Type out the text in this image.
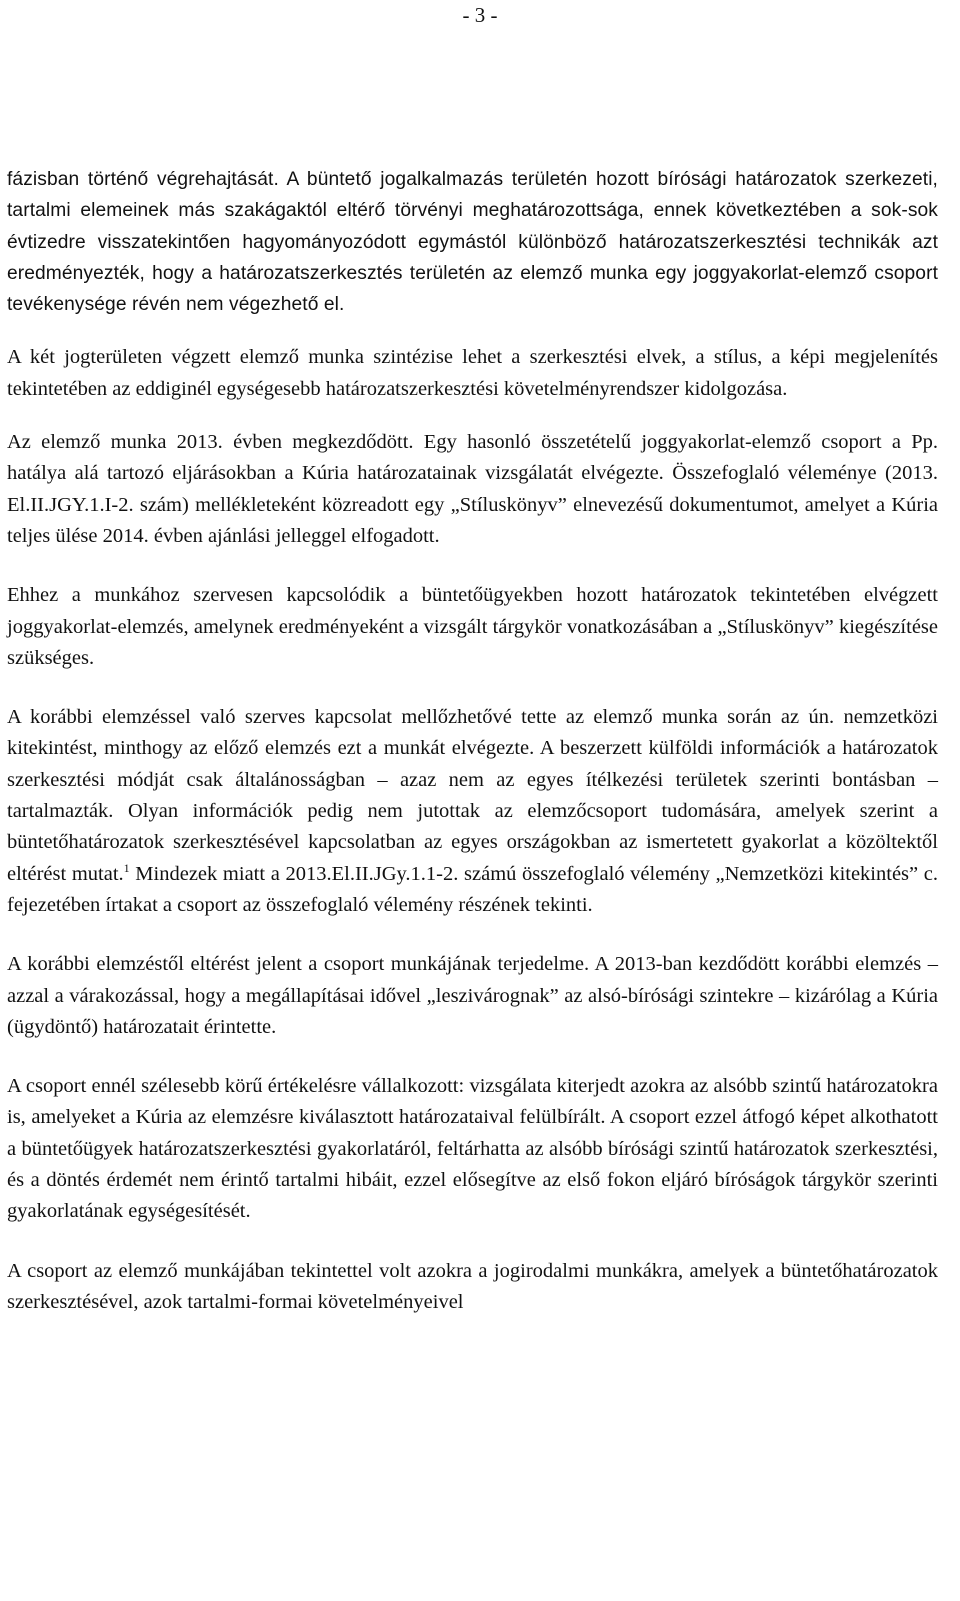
- 3 -

fázisban történő végrehajtását. A büntető jogalkalmazás területén hozott bírósági határozatok szerkezeti, tartalmi elemeinek más szakágaktól eltérő törvényi meghatározottsága, ennek következtében a sok-sok évtizedre visszatekintően hagyományozódott egymástól különböző határozatszerkesztési technikák azt eredményezték, hogy a határozatszerkesztés területén az elemző munka egy joggyakorlat-elemző csoport tevékenysége révén nem végezhető el.

A két jogterületen végzett elemző munka szintézise lehet a szerkesztési elvek, a stílus, a képi megjelenítés tekintetében az eddiginél egységesebb határozatszerkesztési követelményrendszer kidolgozása.

Az elemző munka 2013. évben megkezdődött. Egy hasonló összetételű joggyakorlat-elemző csoport a Pp. hatálya alá tartozó eljárásokban a Kúria határozatainak vizsgálatát elvégezte. Összefoglaló véleménye (2013. El.II.JGY.1.I-2. szám) mellékleteként közreadott egy „Stíluskönyv” elnevezésű dokumentumot, amelyet a Kúria teljes ülése 2014. évben ajánlási jelleggel elfogadott.

Ehhez a munkához szervesen kapcsolódik a büntetőügyekben hozott határozatok tekintetében elvégzett joggyakorlat-elemzés, amelynek eredményeként a vizsgált tárgykör vonatkozásában a „Stíluskönyv” kiegészítése szükséges.

A korábbi elemzéssel való szerves kapcsolat mellőzhetővé tette az elemző munka során az ún. nemzetközi kitekintést, minthogy az előző elemzés ezt a munkát elvégezte. A beszerzett külföldi információk a határozatok szerkesztési módját csak általánosságban – azaz nem az egyes ítélkezési területek szerinti bontásban – tartalmazták. Olyan információk pedig nem jutottak az elemzőcsoport tudomására, amelyek szerint a büntetőhatározatok szerkesztésével kapcsolatban az egyes országokban az ismertetett gyakorlat a közöltektől eltérést mutat.$^1$ Mindezek miatt a 2013.El.II.JGy.1.1-2. számú összefoglaló vélemény „Nemzetközi kitekintés” c. fejezetében írtakat a csoport az összefoglaló vélemény részének tekinti.

A korábbi elemzéstől eltérést jelent a csoport munkájának terjedelme. A 2013-ban kezdődött korábbi elemzés – azzal a várakozással, hogy a megállapításai idővel „leszivárognak” az alsó-bírósági szintekre – kizárólag a Kúria (ügydöntő) határozatait érintette.

A csoport ennél szélesebb körű értékelésre vállalkozott: vizsgálata kiterjedt azokra az alsóbb szintű határozatokra is, amelyeket a Kúria az elemzésre kiválasztott határozataival felülbírált. A csoport ezzel átfogó képet alkothatott a büntetőügyek határozatszerkesztési gyakorlatáról, feltárhatta az alsóbb bírósági szintű határozatok szerkesztési, és a döntés érdemét nem érintő tartalmi hibáit, ezzel elősegítve az első fokon eljáró bíróságok tárgykör szerinti gyakorlatának egységesítését.

A csoport az elemző munkájában tekintettel volt azokra a jogirodalmi munkákra, amelyek a büntetőhatározatok szerkesztésével, azok tartalmi-formai követelményeivel
